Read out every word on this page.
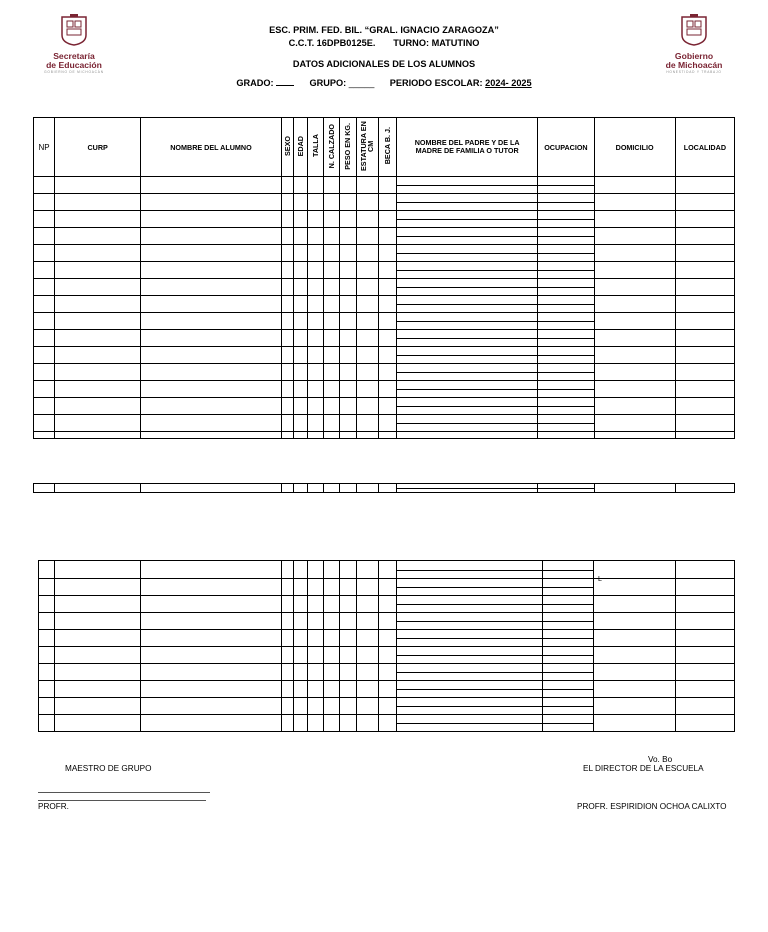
Secretaría
de Educación
GOBIERNO DE MICHOACÁN
Gobierno
de Michoacán
HONESTIDAD Y TRABAJO
ESC. PRIM. FED. BIL. “GRAL. IGNACIO ZARAGOZA”
C.C.T. 16DPB0125E. TURNO: MATUTINO
DATOS ADICIONALES DE LOS ALUMNOS
GRADO:	GRUPO: _____ PERIODO ESCOLAR: 2024- 2025
NP	CURP	NOMBRE DEL ALUMNO	SEXO	EDAD	TALLA	N. CALZADO	PESO EN KG.	ESTATURA EN CM	BECA B. J.	NOMBRE DEL PADRE Y DE LA MADRE DE FAMILIA O TUTOR	OCUPACION	DOMICILIO	LOCALIDAD

L
MAESTRO DE GRUPO
PROFR.
Vo. Bo
EL DIRECTOR DE LA ESCUELA
PROFR. ESPIRIDION OCHOA CALIXTO
